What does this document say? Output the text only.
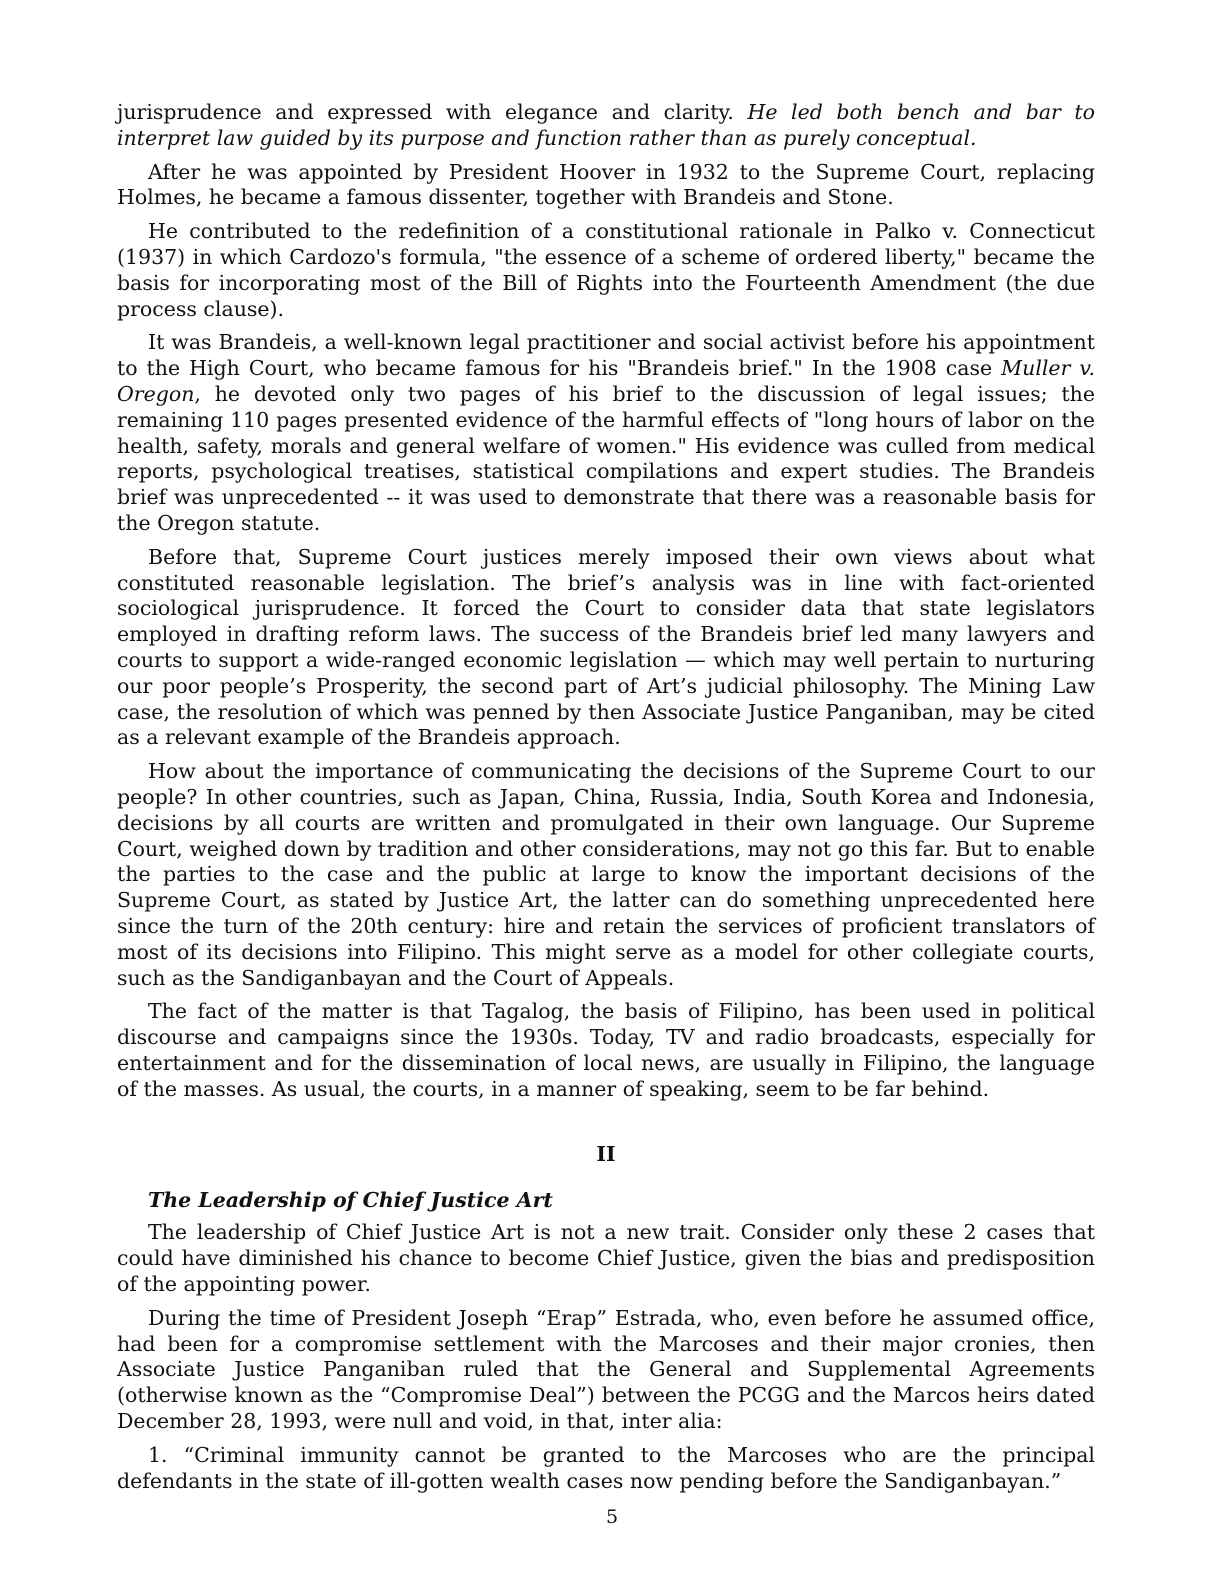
jurisprudence and expressed with elegance and clarity. He led both bench and bar to interpret law guided by its purpose and function rather than as purely conceptual.

After he was appointed by President Hoover in 1932 to the Supreme Court, replacing Holmes, he became a famous dissenter, together with Brandeis and Stone.

He contributed to the redefinition of a constitutional rationale in Palko v. Connecticut (1937) in which Cardozo's formula, "the essence of a scheme of ordered liberty," became the basis for incorporating most of the Bill of Rights into the Fourteenth Amendment (the due process clause).

It was Brandeis, a well-known legal practitioner and social activist before his appointment to the High Court, who became famous for his "Brandeis brief." In the 1908 case Muller v. Oregon, he devoted only two pages of his brief to the discussion of legal issues; the remaining 110 pages presented evidence of the harmful effects of "long hours of labor on the health, safety, morals and general welfare of women." His evidence was culled from medical reports, psychological treatises, statistical compilations and expert studies. The Brandeis brief was unprecedented -- it was used to demonstrate that there was a reasonable basis for the Oregon statute.

Before that, Supreme Court justices merely imposed their own views about what constituted reasonable legislation. The brief’s analysis was in line with fact-oriented sociological jurisprudence. It forced the Court to consider data that state legislators employed in drafting reform laws. The success of the Brandeis brief led many lawyers and courts to support a wide-ranged economic legislation — which may well pertain to nurturing our poor people’s Prosperity, the second part of Art’s judicial philosophy. The Mining Law case, the resolution of which was penned by then Associate Justice Panganiban, may be cited as a relevant example of the Brandeis approach.

How about the importance of communicating the decisions of the Supreme Court to our people? In other countries, such as Japan, China, Russia, India, South Korea and Indonesia, decisions by all courts are written and promulgated in their own language. Our Supreme Court, weighed down by tradition and other considerations, may not go this far. But to enable the parties to the case and the public at large to know the important decisions of the Supreme Court, as stated by Justice Art, the latter can do something unprecedented here since the turn of the 20th century: hire and retain the services of proficient translators of most of its decisions into Filipino. This might serve as a model for other collegiate courts, such as the Sandiganbayan and the Court of Appeals.

The fact of the matter is that Tagalog, the basis of Filipino, has been used in political discourse and campaigns since the 1930s. Today, TV and radio broadcasts, especially for entertainment and for the dissemination of local news, are usually in Filipino, the language of the masses. As usual, the courts, in a manner of speaking, seem to be far behind.

II
The Leadership of Chief Justice Art

The leadership of Chief Justice Art is not a new trait. Consider only these 2 cases that could have diminished his chance to become Chief Justice, given the bias and predisposition of the appointing power.

During the time of President Joseph “Erap” Estrada, who, even before he assumed office, had been for a compromise settlement with the Marcoses and their major cronies, then Associate Justice Panganiban ruled that the General and Supplemental Agreements (otherwise known as the “Compromise Deal”) between the PCGG and the Marcos heirs dated December 28, 1993, were null and void, in that, inter alia:

1. “Criminal immunity cannot be granted to the Marcoses who are the principal defendants in the state of ill-gotten wealth cases now pending before the Sandiganbayan.”

5
